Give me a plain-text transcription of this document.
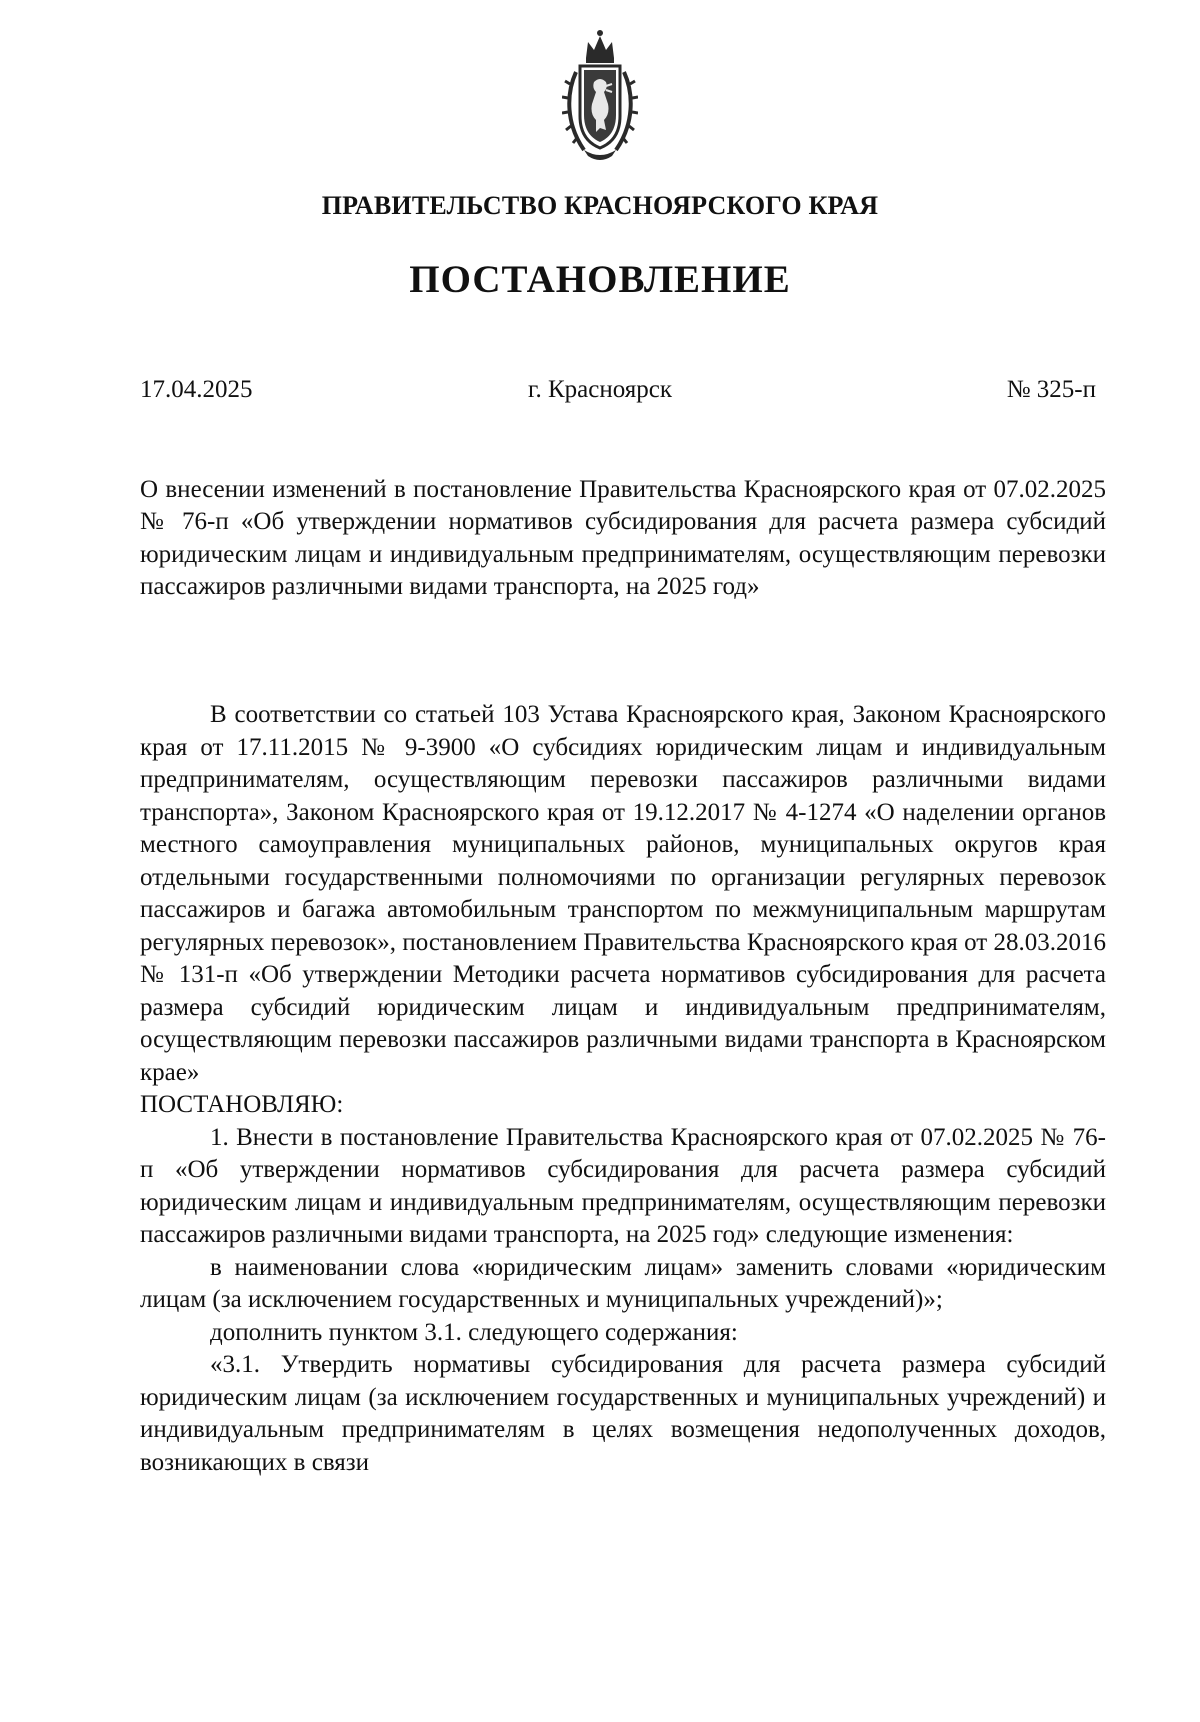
ПРАВИТЕЛЬСТВО КРАСНОЯРСКОГО КРАЯ
ПОСТАНОВЛЕНИЕ
17.04.2025	г. Красноярск	№ 325-п
О внесении изменений в постановление Правительства Красноярского края от 07.02.2025 № 76-п «Об утверждении нормативов субсидирования для расчета размера субсидий юридическим лицам и индивидуальным предпринимателям, осуществляющим перевозки пассажиров различными видами транспорта, на 2025 год»

В соответствии со статьей 103 Устава Красноярского края, Законом Красноярского края от 17.11.2015 № 9-3900 «О субсидиях юридическим лицам и индивидуальным предпринимателям, осуществляющим перевозки пассажиров различными видами транспорта», Законом Красноярского края от 19.12.2017 № 4-1274 «О наделении органов местного самоуправления муниципальных районов, муниципальных округов края отдельными государственными полномочиями по организации регулярных перевозок пассажиров и багажа автомобильным транспортом по межмуниципальным маршрутам регулярных перевозок», постановлением Правительства Красноярского края от 28.03.2016 № 131-п «Об утверждении Методики расчета нормативов субсидирования для расчета размера субсидий юридическим лицам и индивидуальным предпринимателям, осуществляющим перевозки пассажиров различными видами транспорта в Красноярском крае»

ПОСТАНОВЛЯЮ:

1. Внести в постановление Правительства Красноярского края от 07.02.2025 № 76-п «Об утверждении нормативов субсидирования для расчета размера субсидий юридическим лицам и индивидуальным предпринимателям, осуществляющим перевозки пассажиров различными видами транспорта, на 2025 год» следующие изменения:

в наименовании слова «юридическим лицам» заменить словами «юридическим лицам (за исключением государственных и муниципальных учреждений)»;

дополнить пунктом 3.1. следующего содержания:

«3.1. Утвердить нормативы субсидирования для расчета размера субсидий юридическим лицам (за исключением государственных и муниципальных учреждений) и индивидуальным предпринимателям в целях возмещения недополученных доходов, возникающих в связи
